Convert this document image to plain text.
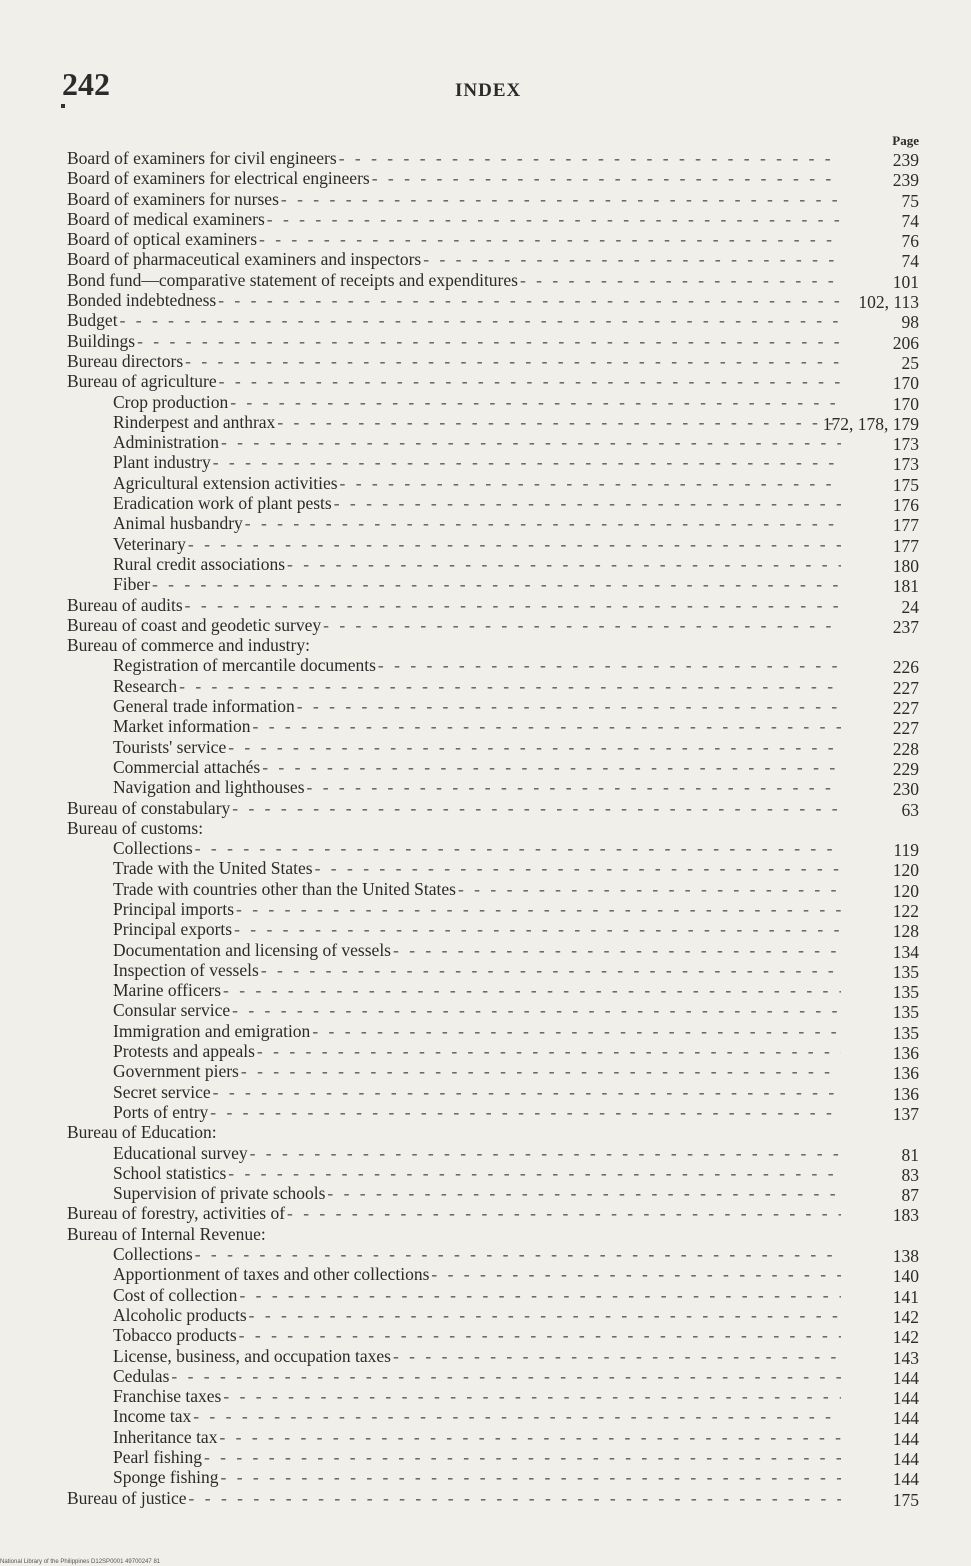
242	INDEX
Page
Board of examiners for civil engineers - - -	239
Board of examiners for electrical engineers - - -	239
Board of examiners for nurses - - -	75
Board of medical examiners - - -	74
Board of optical examiners - - -	76
Board of pharmaceutical examiners and inspectors - - -	74
Bond fund—comparative statement of receipts and expenditures - - -	101
Bonded indebtedness - - -	102, 113
Budget - - -	98
Buildings - - -	206
Bureau directors - - -	25
Bureau of agriculture - - -	170
Crop production - - -	170
Rinderpest and anthrax - - -	172, 178, 179
Administration - - -	173
Plant industry - - -	173
Agricultural extension activities - - -	175
Eradication work of plant pests - - -	176
Animal husbandry - - -	177
Veterinary - - -	177
Rural credit associations - - -	180
Fiber - - -	181
Bureau of audits - - -	24
Bureau of coast and geodetic survey - - -	237
Bureau of commerce and industry:
Registration of mercantile documents - - -	226
Research - - -	227
General trade information - - -	227
Market information - - -	227
Tourists' service - - -	228
Commercial attachés - - -	229
Navigation and lighthouses - - -	230
Bureau of constabulary - - -	63
Bureau of customs:
Collections - - -	119
Trade with the United States - - -	120
Trade with countries other than the United States - - -	120
Principal imports - - -	122
Principal exports - - -	128
Documentation and licensing of vessels - - -	134
Inspection of vessels - - -	135
Marine officers - - -	135
Consular service - - -	135
Immigration and emigration - - -	135
Protests and appeals - - -	136
Government piers - - -	136
Secret service - - -	136
Ports of entry - - -	137
Bureau of Education:
Educational survey - - -	81
School statistics - - -	83
Supervision of private schools - - -	87
Bureau of forestry, activities of - - -	183
Bureau of Internal Revenue:
Collections - - -	138
Apportionment of taxes and other collections - - -	140
Cost of collection - - -	141
Alcoholic products - - -	142
Tobacco products - - -	142
License, business, and occupation taxes - - -	143
Cedulas - - -	144
Franchise taxes - - -	144
Income tax - - -	144
Inheritance tax - - -	144
Pearl fishing - - -	144
Sponge fishing - - -	144
Bureau of justice - - -	175
National Library of the Philippines D12SP0001 49700247 81
